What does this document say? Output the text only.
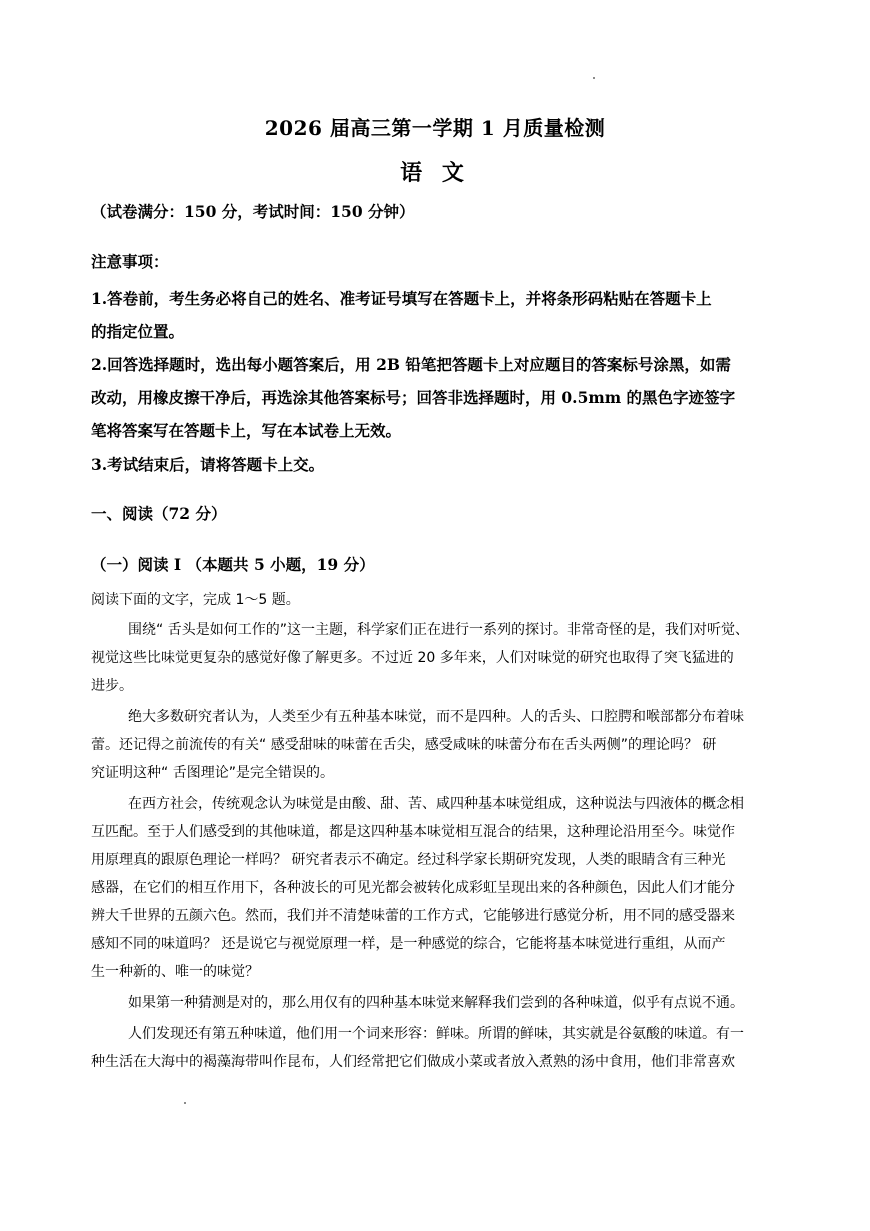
2026 届高三第一学期 1 月质量检测
语 文
（试卷满分：150 分，考试时间：150 分钟）
注意事项：
1.答卷前，考生务必将自己的姓名、准考证号填写在答题卡上，并将条形码粘贴在答题卡上
的指定位置。
2.回答选择题时，选出每小题答案后，用 2B 铅笔把答题卡上对应题目的答案标号涂黑，如需
改动，用橡皮擦干净后，再选涂其他答案标号；回答非选择题时，用 0.5mm 的黑色字迹签字
笔将答案写在答题卡上，写在本试卷上无效。
3.考试结束后，请将答题卡上交。
一、阅读（72 分）
（一）阅读 I （本题共 5 小题，19 分）
阅读下面的文字，完成 1～5 题。
围绕“ 舌头是如何工作的”这一主题，科学家们正在进行一系列的探讨。非常奇怪的是，我们对听觉、
视觉这些比味觉更复杂的感觉好像了解更多。不过近 20 多年来，人们对味觉的研究也取得了突飞猛进的
进步。
绝大多数研究者认为，人类至少有五种基本味觉，而不是四种。人的舌头、口腔腭和喉部都分布着味
蕾。还记得之前流传的有关“ 感受甜味的味蕾在舌尖，感受咸味的味蕾分布在舌头两侧”的理论吗？ 研
究证明这种“ 舌图理论”是完全错误的。
在西方社会，传统观念认为味觉是由酸、甜、苦、咸四种基本味觉组成，这种说法与四液体的概念相
互匹配。至于人们感受到的其他味道，都是这四种基本味觉相互混合的结果，这种理论沿用至今。味觉作
用原理真的跟原色理论一样吗？ 研究者表示不确定。经过科学家长期研究发现，人类的眼睛含有三种光
感器，在它们的相互作用下，各种波长的可见光都会被转化成彩虹呈现出来的各种颜色，因此人们才能分
辨大千世界的五颜六色。然而，我们并不清楚味蕾的工作方式，它能够进行感觉分析，用不同的感受器来
感知不同的味道吗？ 还是说它与视觉原理一样，是一种感觉的综合，它能将基本味觉进行重组，从而产
生一种新的、唯一的味觉？
如果第一种猜测是对的，那么用仅有的四种基本味觉来解释我们尝到的各种味道，似乎有点说不通。
人们发现还有第五种味道，他们用一个词来形容：鲜味。所谓的鲜味，其实就是谷氨酸的味道。有一
种生活在大海中的褐藻海带叫作昆布，人们经常把它们做成小菜或者放入煮熟的汤中食用，他们非常喜欢
